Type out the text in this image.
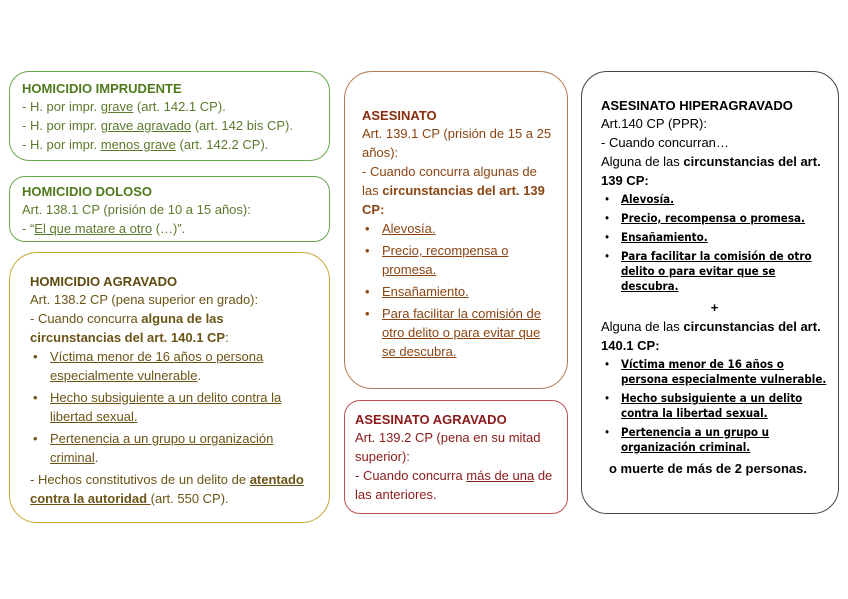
HOMICIDIO IMPRUDENTE

- H. por impr. grave (art. 142.1 CP).

- H. por impr. grave agravado (art. 142 bis CP).

- H. por impr. menos grave (art. 142.2 CP).

HOMICIDIO DOLOSO

Art. 138.1 CP (prisión de 10 a 15 años):

- “El que matare a otro (…)”.

HOMICIDIO AGRAVADO

Art. 138.2 CP (pena superior en grado):

- Cuando concurra alguna de las circunstancias del art. 140.1 CP:

• Víctima menor de 16 años o persona especialmente vulnerable.
• Hecho subsiguiente a un delito contra la libertad sexual.
• Pertenencia a un grupo u organización criminal.

- Hechos constitutivos de un delito de atentado contra la autoridad (art. 550 CP).

ASESINATO

Art. 139.1 CP (prisión de 15 a 25 años):

- Cuando concurra algunas de las circunstancias del art. 139 CP:

• Alevosía.
• Precio, recompensa o promesa.
• Ensañamiento.
• Para facilitar la comisión de otro delito o para evitar que se descubra.

ASESINATO AGRAVADO

Art. 139.2 CP (pena en su mitad superior):

- Cuando concurra más de una de las anteriores.

ASESINATO HIPERAGRAVADO

Art.140 CP (PPR):

- Cuando concurran…

Alguna de las circunstancias del art. 139 CP:

• Alevosía.
• Precio, recompensa o promesa.
• Ensañamiento.
• Para facilitar la comisión de otro delito o para evitar que se descubra.

+

Alguna de las circunstancias del art. 140.1 CP:

• Víctima menor de 16 años o persona especialmente vulnerable.
• Hecho subsiguiente a un delito contra la libertad sexual.
• Pertenencia a un grupo u organización criminal.

o muerte de más de 2 personas.
